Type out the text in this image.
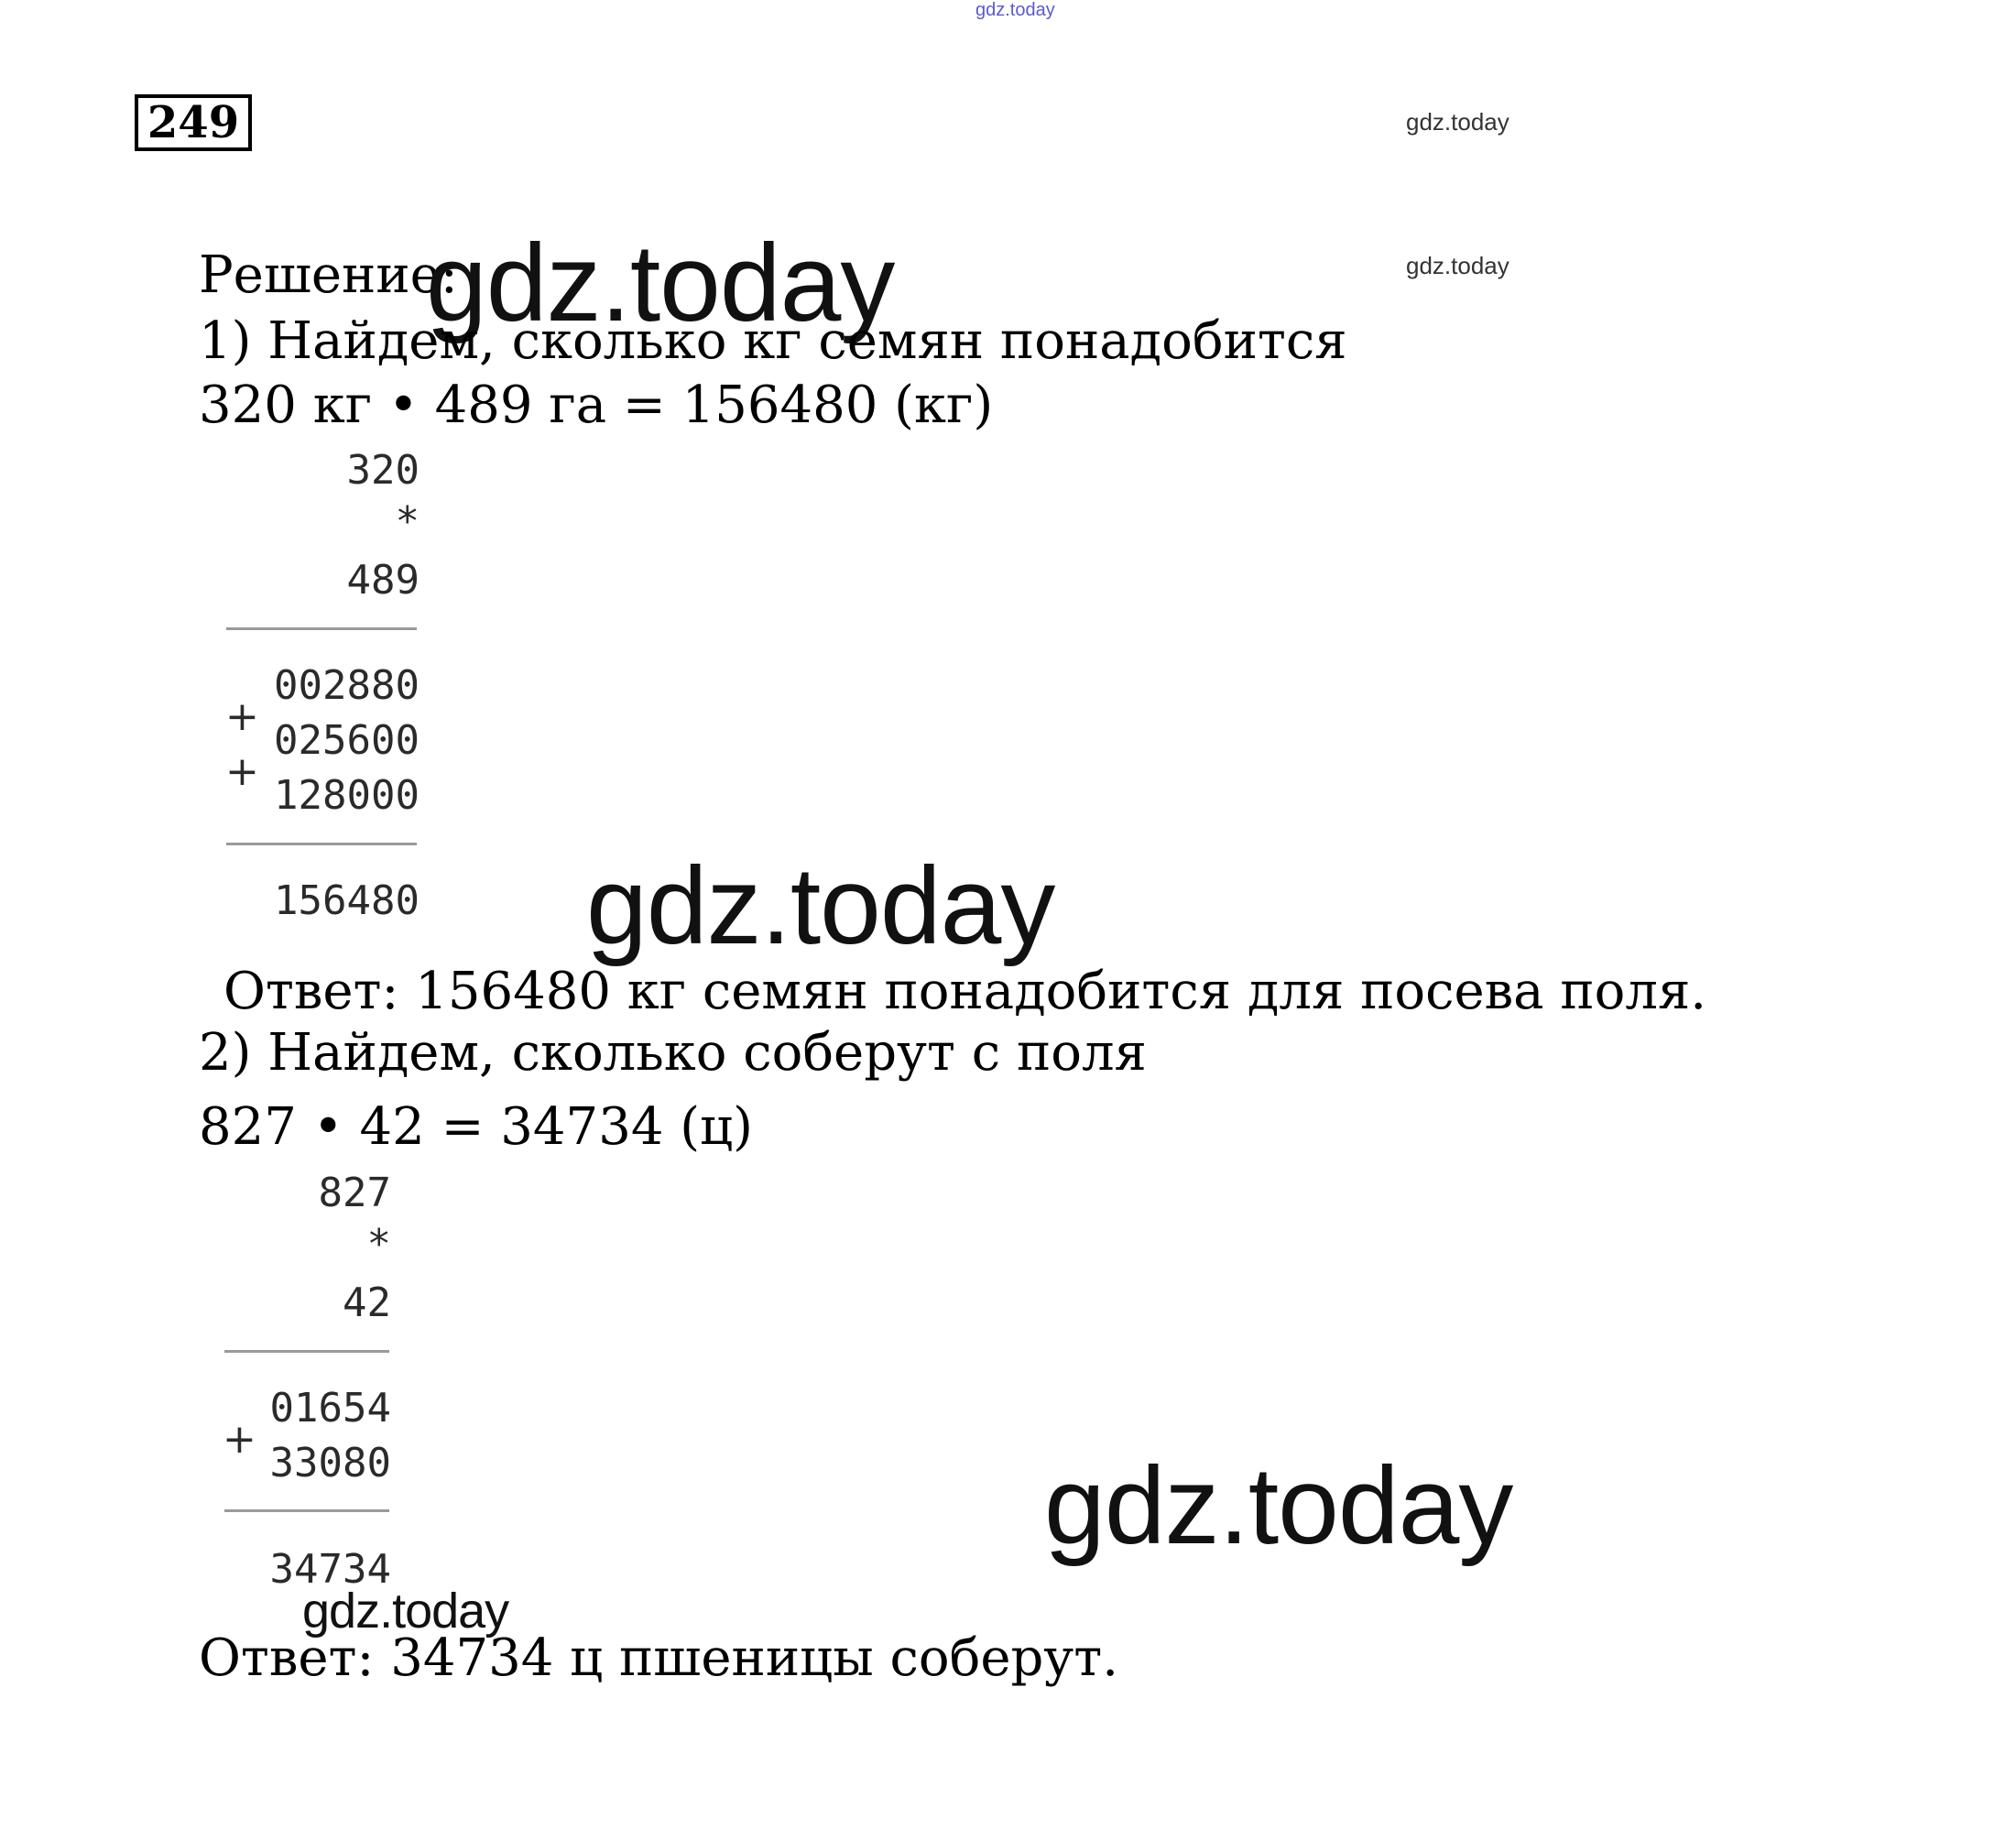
gdz.today
gdz.today
gdz.today
249
Решение:
gdz.today
1) Найдем, сколько кг семян понадобится
320 кг • 489 га = 156480 (кг)
320
*
489
002880
+
025600
+
128000
156480 gdz.today
Ответ: 156480 кг семян понадобится для посева поля.
2) Найдем, сколько соберут с поля
827 • 42 = 34734 (ц)
827
*
42
01654
+
33080
34734
gdz.today
gdz.today
Ответ: 34734 ц пшеницы соберут.
